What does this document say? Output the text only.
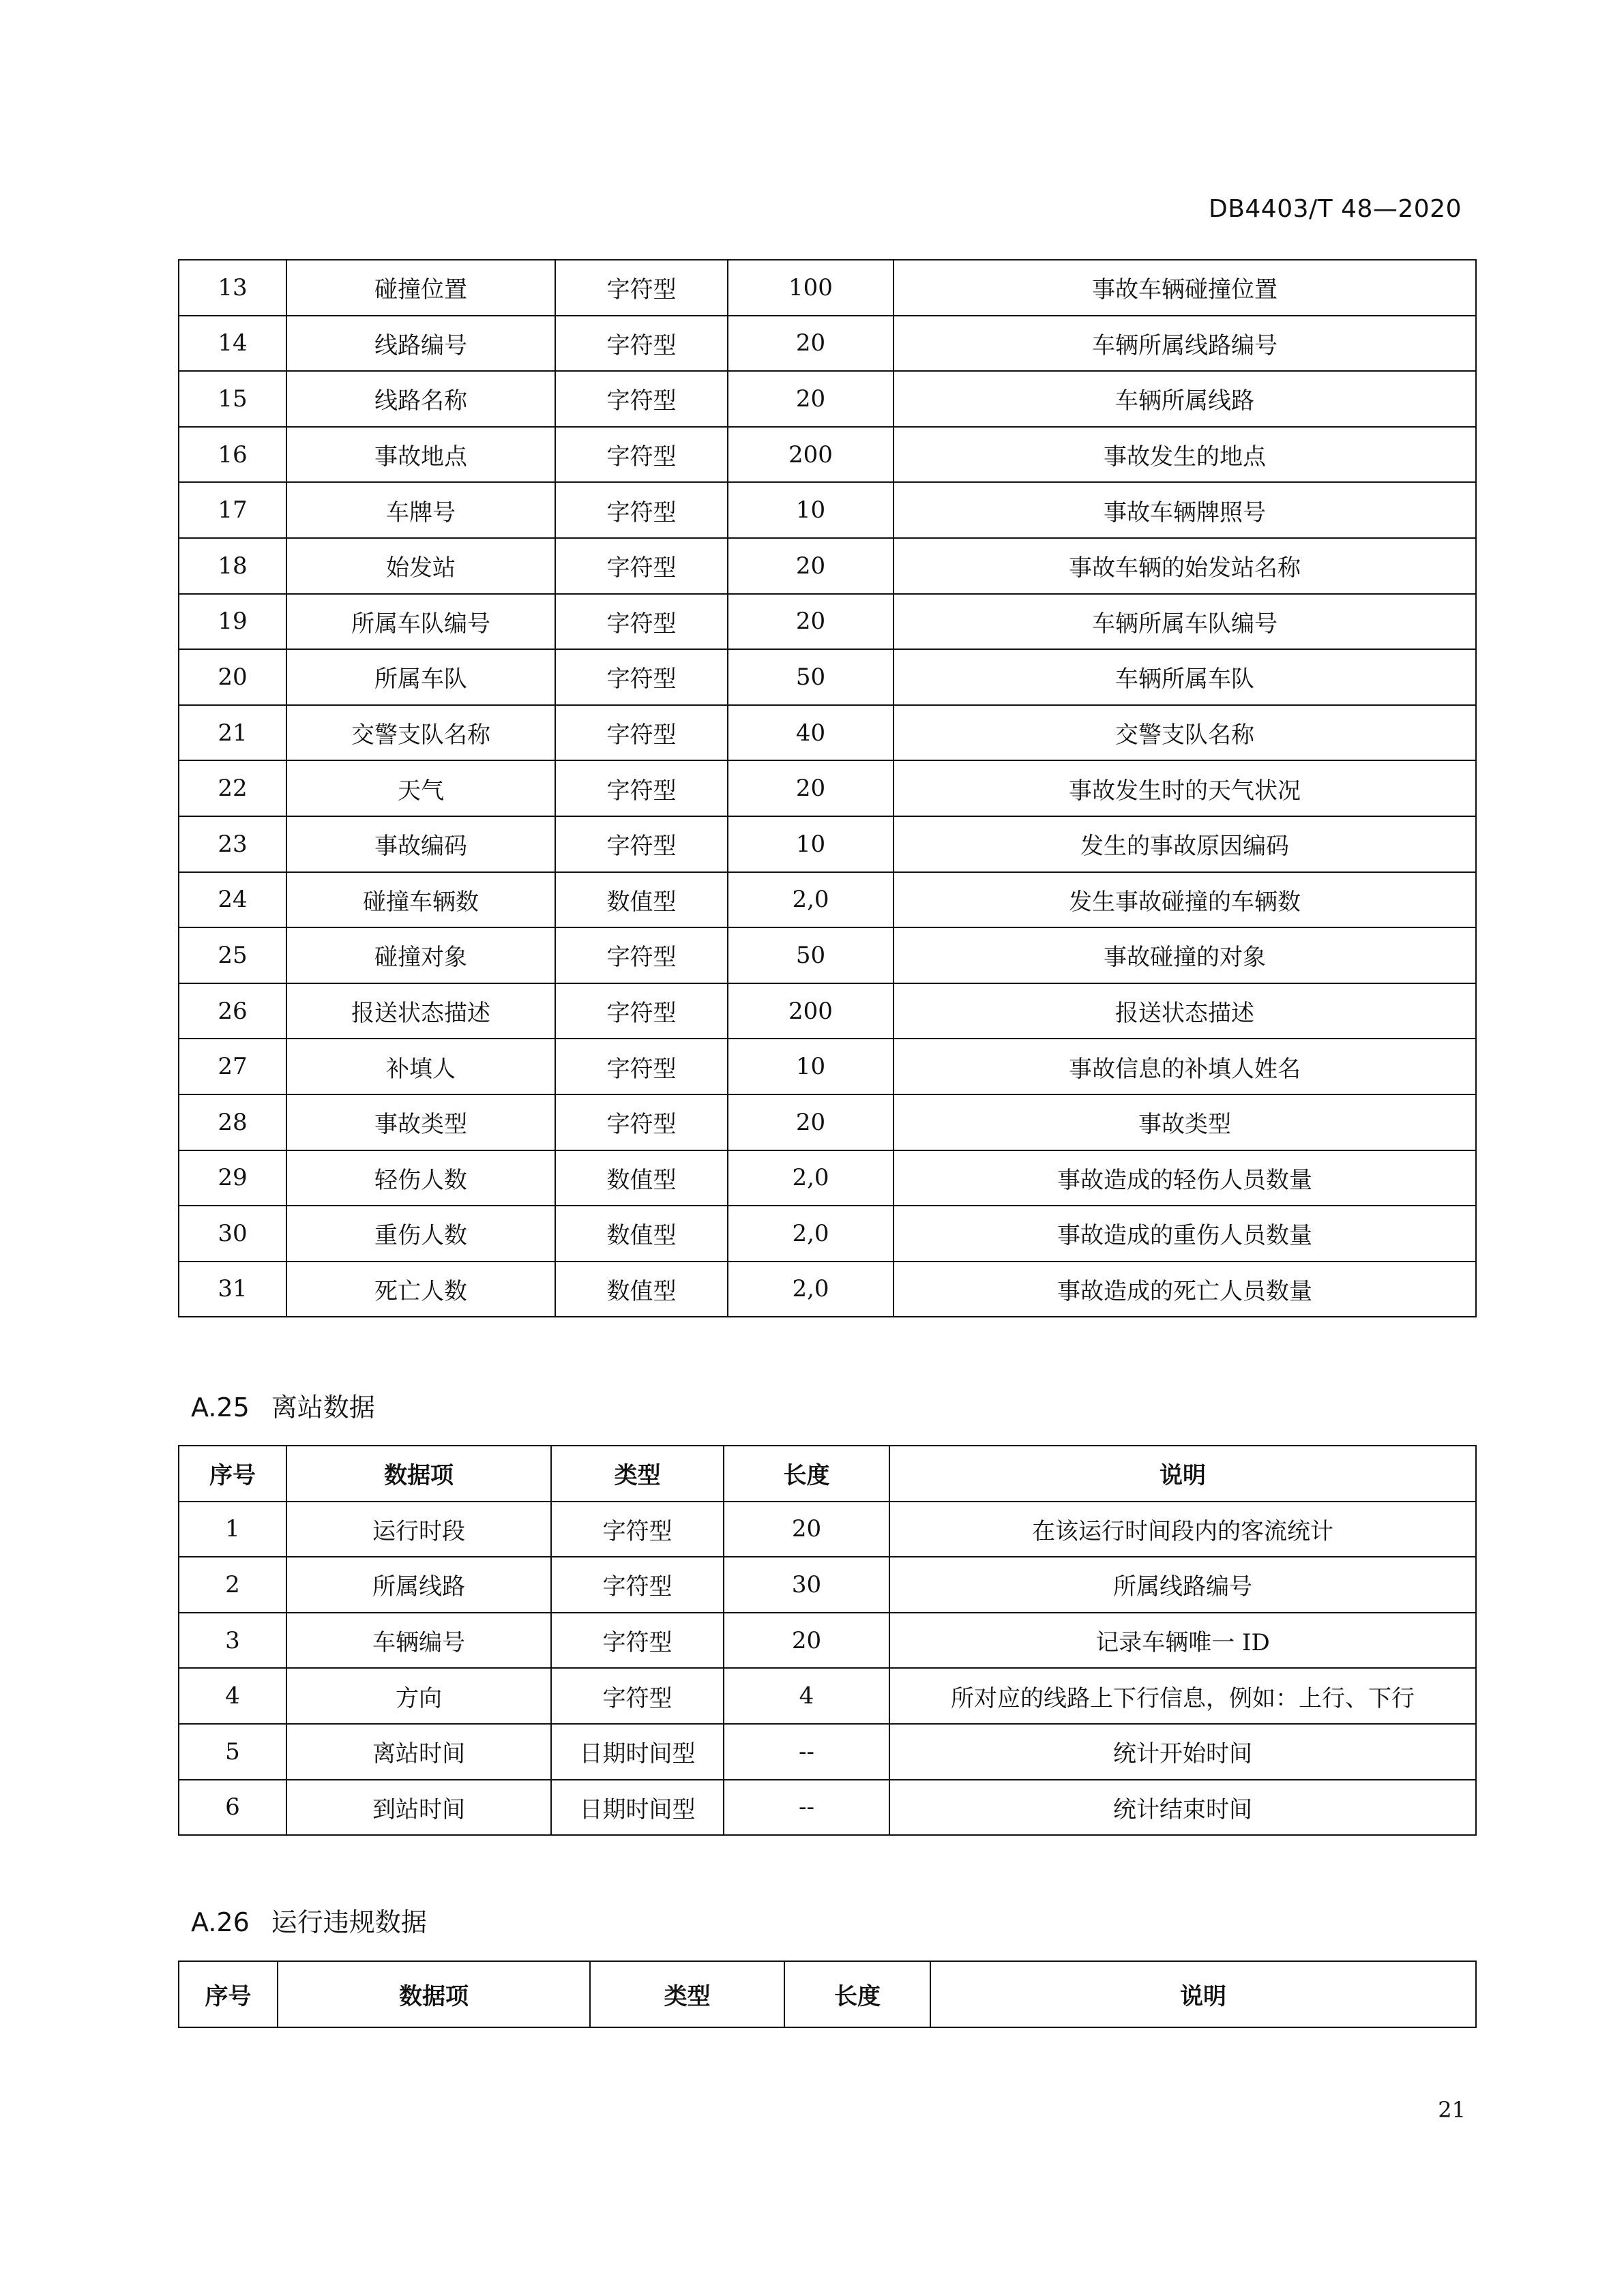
DB4403/T 48—2020
13	碰撞位置	字符型	100	事故车辆碰撞位置
14	线路编号	字符型	20	车辆所属线路编号
15	线路名称	字符型	20	车辆所属线路
16	事故地点	字符型	200	事故发生的地点
17	车牌号	字符型	10	事故车辆牌照号
18	始发站	字符型	20	事故车辆的始发站名称
19	所属车队编号	字符型	20	车辆所属车队编号
20	所属车队	字符型	50	车辆所属车队
21	交警支队名称	字符型	40	交警支队名称
22	天气	字符型	20	事故发生时的天气状况
23	事故编码	字符型	10	发生的事故原因编码
24	碰撞车辆数	数值型	2,0	发生事故碰撞的车辆数
25	碰撞对象	字符型	50	事故碰撞的对象
26	报送状态描述	字符型	200	报送状态描述
27	补填人	字符型	10	事故信息的补填人姓名
28	事故类型	字符型	20	事故类型
29	轻伤人数	数值型	2,0	事故造成的轻伤人员数量
30	重伤人数	数值型	2,0	事故造成的重伤人员数量
31	死亡人数	数值型	2,0	事故造成的死亡人员数量
A.25 离站数据
序号	数据项	类型	长度	说明
1	运行时段	字符型	20	在该运行时间段内的客流统计
2	所属线路	字符型	30	所属线路编号
3	车辆编号	字符型	20	记录车辆唯一 ID
4	方向	字符型	4	所对应的线路上下行信息，例如：上行、下行
5	离站时间	日期时间型	--	统计开始时间
6	到站时间	日期时间型	--	统计结束时间
A.26 运行违规数据
序号	数据项	类型	长度	说明
21
